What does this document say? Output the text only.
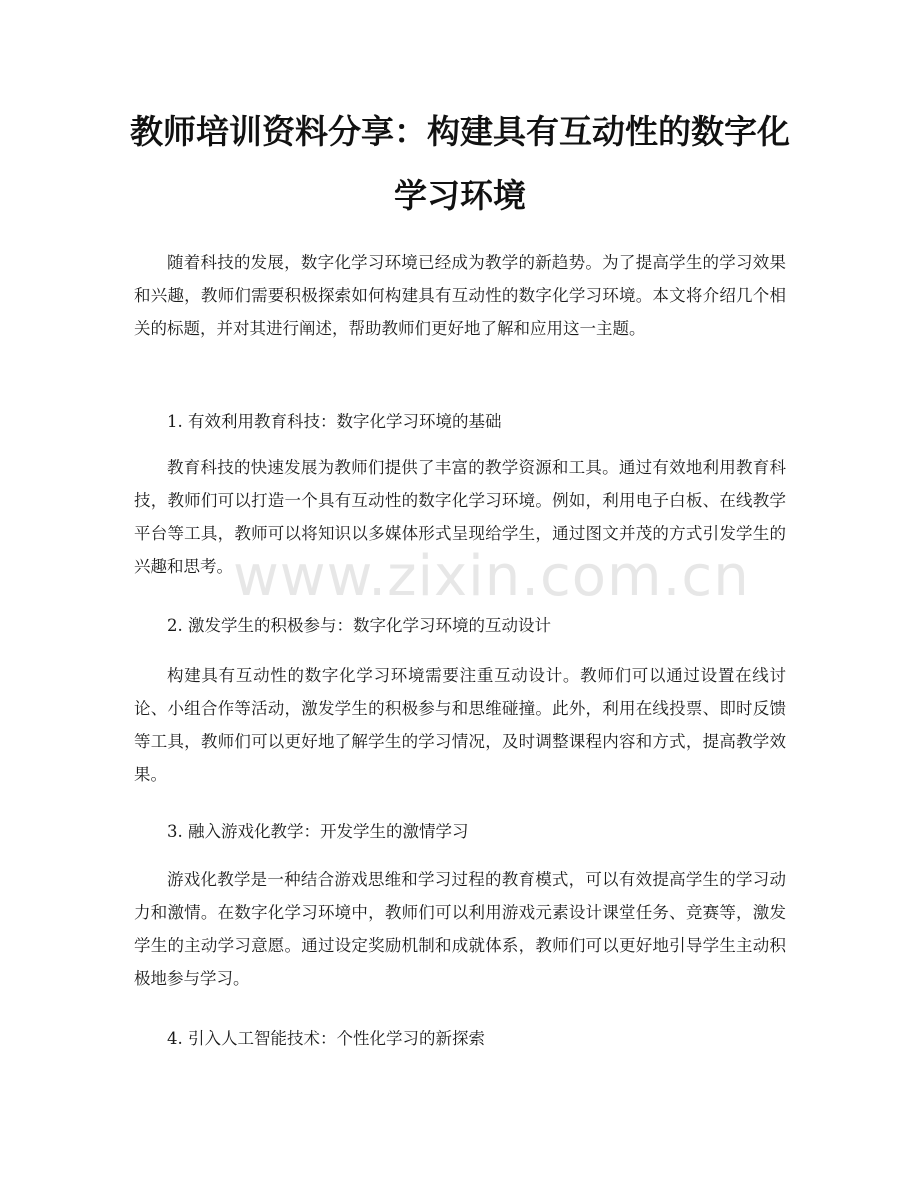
教师培训资料分享：构建具有互动性的数字化学习环境

随着科技的发展，数字化学习环境已经成为教学的新趋势。为了提高学生的学习效果和兴趣，教师们需要积极探索如何构建具有互动性的数字化学习环境。本文将介绍几个相关的标题，并对其进行阐述，帮助教师们更好地了解和应用这一主题。

1. 有效利用教育科技：数字化学习环境的基础

教育科技的快速发展为教师们提供了丰富的教学资源和工具。通过有效地利用教育科技，教师们可以打造一个具有互动性的数字化学习环境。例如，利用电子白板、在线教学平台等工具，教师可以将知识以多媒体形式呈现给学生，通过图文并茂的方式引发学生的兴趣和思考。

2. 激发学生的积极参与：数字化学习环境的互动设计

构建具有互动性的数字化学习环境需要注重互动设计。教师们可以通过设置在线讨论、小组合作等活动，激发学生的积极参与和思维碰撞。此外，利用在线投票、即时反馈等工具，教师们可以更好地了解学生的学习情况，及时调整课程内容和方式，提高教学效果。

3. 融入游戏化教学：开发学生的激情学习

游戏化教学是一种结合游戏思维和学习过程的教育模式，可以有效提高学生的学习动力和激情。在数字化学习环境中，教师们可以利用游戏元素设计课堂任务、竞赛等，激发学生的主动学习意愿。通过设定奖励机制和成就体系，教师们可以更好地引导学生主动积极地参与学习。

4. 引入人工智能技术：个性化学习的新探索

www.zixin.com.cn
